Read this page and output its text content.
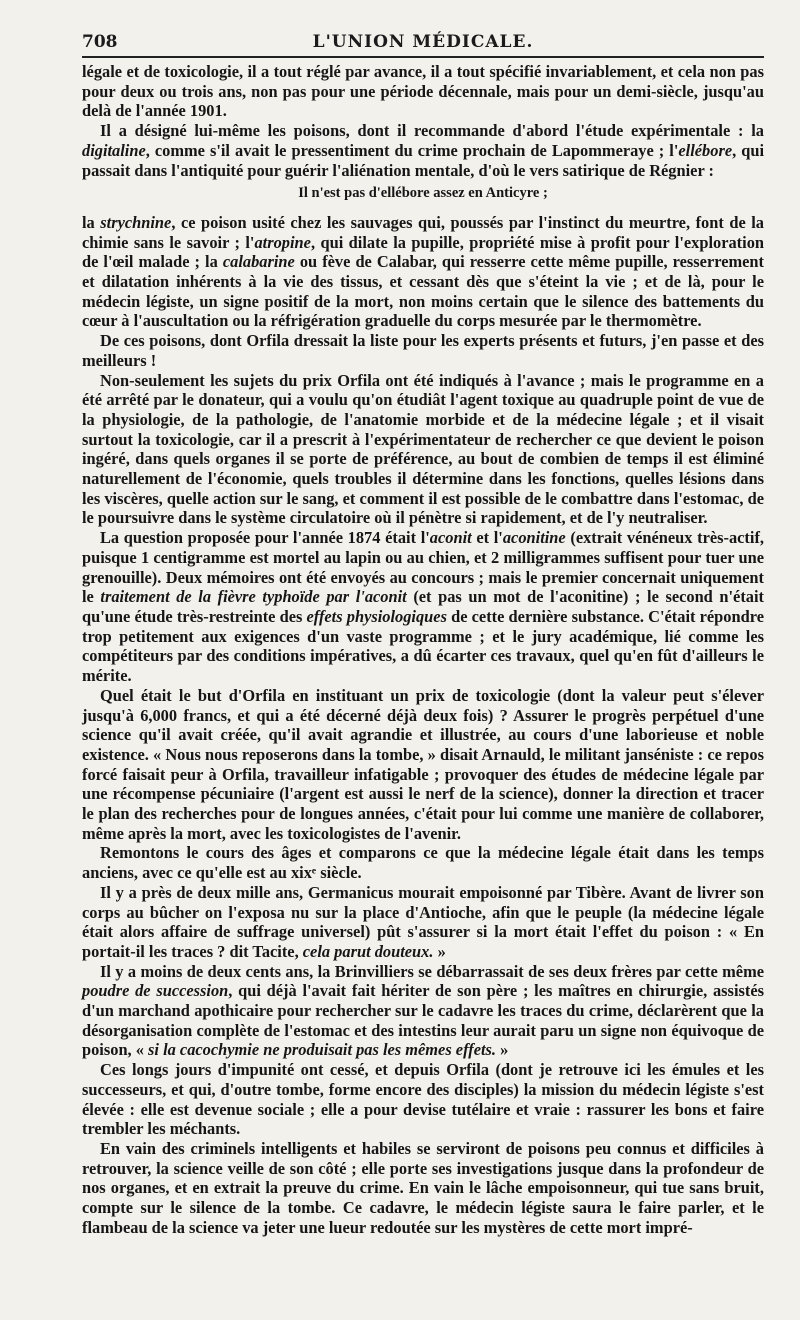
708	L'UNION MÉDICALE.

légale et de toxicologie, il a tout réglé par avance, il a tout spécifié invariablement, et cela non pas pour deux ou trois ans, non pas pour une période décennale, mais pour un demi-siècle, jusqu'au delà de l'année 1901.

Il a désigné lui-même les poisons, dont il recommande d'abord l'étude expérimentale : la digitaline, comme s'il avait le pressentiment du crime prochain de Lapommeraye ; l'ellébore, qui passait dans l'antiquité pour guérir l'aliénation mentale, d'où le vers satirique de Régnier :

Il n'est pas d'ellébore assez en Anticyre ;

la strychnine, ce poison usité chez les sauvages qui, poussés par l'instinct du meurtre, font de la chimie sans le savoir ; l'atropine, qui dilate la pupille, propriété mise à profit pour l'exploration de l'œil malade ; la calabarine ou fève de Calabar, qui resserre cette même pupille, resserrement et dilatation inhérents à la vie des tissus, et cessant dès que s'éteint la vie ; et de là, pour le médecin légiste, un signe positif de la mort, non moins certain que le silence des battements du cœur à l'auscultation ou la réfrigération graduelle du corps mesurée par le thermomètre.

De ces poisons, dont Orfila dressait la liste pour les experts présents et futurs, j'en passe et des meilleurs !

Non-seulement les sujets du prix Orfila ont été indiqués à l'avance ; mais le programme en a été arrêté par le donateur, qui a voulu qu'on étudiât l'agent toxique au quadruple point de vue de la physiologie, de la pathologie, de l'anatomie morbide et de la médecine légale ; et il visait surtout la toxicologie, car il a prescrit à l'expérimentateur de rechercher ce que devient le poison ingéré, dans quels organes il se porte de préférence, au bout de combien de temps il est éliminé naturellement de l'économie, quels troubles il détermine dans les fonctions, quelles lésions dans les viscères, quelle action sur le sang, et comment il est possible de le combattre dans l'estomac, de le poursuivre dans le système circulatoire où il pénètre si rapidement, et de l'y neutraliser.

La question proposée pour l'année 1874 était l'aconit et l'aconitine (extrait vénéneux très-actif, puisque 1 centigramme est mortel au lapin ou au chien, et 2 milligrammes suffisent pour tuer une grenouille). Deux mémoires ont été envoyés au concours ; mais le premier concernait uniquement le traitement de la fièvre typhoïde par l'aconit (et pas un mot de l'aconitine) ; le second n'était qu'une étude très-restreinte des effets physiologiques de cette dernière substance. C'était répondre trop petitement aux exigences d'un vaste programme ; et le jury académique, lié comme les compétiteurs par des conditions impératives, a dû écarter ces travaux, quel qu'en fût d'ailleurs le mérite.

Quel était le but d'Orfila en instituant un prix de toxicologie (dont la valeur peut s'élever jusqu'à 6,000 francs, et qui a été décerné déjà deux fois) ? Assurer le progrès perpétuel d'une science qu'il avait créée, qu'il avait agrandie et illustrée, au cours d'une laborieuse et noble existence. « Nous nous reposerons dans la tombe, » disait Arnauld, le militant janséniste : ce repos forcé faisait peur à Orfila, travailleur infatigable ; provoquer des études de médecine légale par une récompense pécuniaire (l'argent est aussi le nerf de la science), donner la direction et tracer le plan des recherches pour de longues années, c'était pour lui comme une manière de collaborer, même après la mort, avec les toxicologistes de l'avenir.

Remontons le cours des âges et comparons ce que la médecine légale était dans les temps anciens, avec ce qu'elle est au xixᵉ siècle.

Il y a près de deux mille ans, Germanicus mourait empoisonné par Tibère. Avant de livrer son corps au bûcher on l'exposa nu sur la place d'Antioche, afin que le peuple (la médecine légale était alors affaire de suffrage universel) pût s'assurer si la mort était l'effet du poison : « En portait-il les traces ? dit Tacite, cela parut douteux. »

Il y a moins de deux cents ans, la Brinvilliers se débarrassait de ses deux frères par cette même poudre de succession, qui déjà l'avait fait hériter de son père ; les maîtres en chirurgie, assistés d'un marchand apothicaire pour rechercher sur le cadavre les traces du crime, déclarèrent que la désorganisation complète de l'estomac et des intestins leur aurait paru un signe non équivoque de poison, « si la cacochymie ne produisait pas les mêmes effets. »

Ces longs jours d'impunité ont cessé, et depuis Orfila (dont je retrouve ici les émules et les successeurs, et qui, d'outre tombe, forme encore des disciples) la mission du médecin légiste s'est élevée : elle est devenue sociale ; elle a pour devise tutélaire et vraie : rassurer les bons et faire trembler les méchants.

En vain des criminels intelligents et habiles se serviront de poisons peu connus et difficiles à retrouver, la science veille de son côté ; elle porte ses investigations jusque dans la profondeur de nos organes, et en extrait la preuve du crime. En vain le lâche empoisonneur, qui tue sans bruit, compte sur le silence de la tombe. Ce cadavre, le médecin légiste saura le faire parler, et le flambeau de la science va jeter une lueur redoutée sur les mystères de cette mort impré-
